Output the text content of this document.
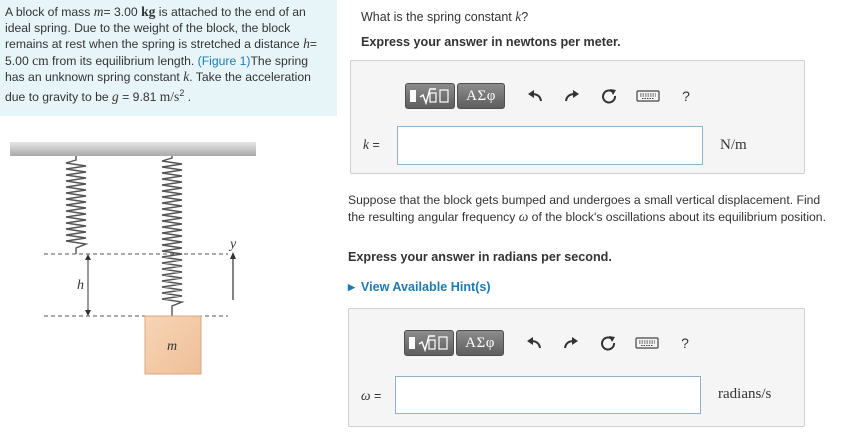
A block of mass m= 3.00 kg is attached to the end of an ideal spring. Due to the weight of the block, the block remains at rest when the spring is stretched a distance h= 5.00 cm from its equilibrium length. (Figure 1)The spring has an unknown spring constant k. Take the acceleration due to gravity to be g = 9.81 $m/s^2$ .
h
y
m
What is the spring constant k?
Express your answer in newtons per meter.
ΑΣφ	?
k =	N/m
Suppose that the block gets bumped and undergoes a small vertical displacement. Find the resulting angular frequency ω of the block's oscillations about its equilibrium position.
Express your answer in radians per second.
▶ View Available Hint(s)
ΑΣφ	?
ω =	radians/s
